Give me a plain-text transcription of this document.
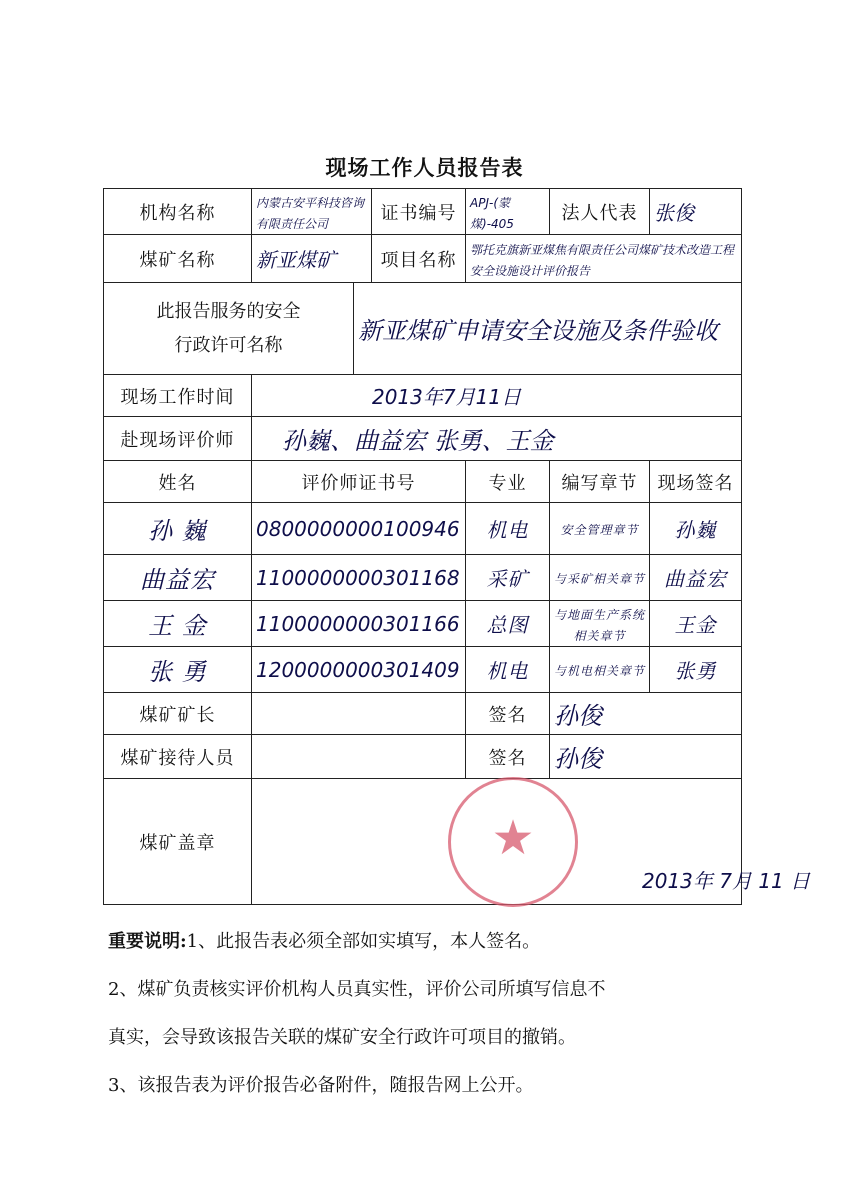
现场工作人员报告表
机构名称	内蒙古安平科技咨询有限责任公司		证书编号	APJ-(蒙煤)-405	法人代表	张俊
煤矿名称	新亚煤矿		项目名称	鄂托克旗新亚煤焦有限责任公司煤矿技术改造工程安全设施设计评价报告		

此报告服务的安全
行政许可名称		新亚煤矿申请安全设施及条件验收				
现场工作时间	2013年7月11日					
赴现场评价师	孙巍、曲益宏 张勇、王金					
姓名	评价师证书号			专业	编写章节	现场签名
孙 巍	0800000000100946			机电	安全管理章节	孙巍
曲益宏	1100000000301168			采矿	与采矿相关章节	曲益宏
王 金	1100000000301166			总图	与地面生产系统相关章节	王金
张 勇	1200000000301409			机电	与机电相关章节	张勇
煤矿矿长				签名	孙俊	
煤矿接待人员				签名	孙俊	
煤矿盖章	★
2013年 7月 11 日					

重要说明:1、此报告表必须全部如实填写，本人签名。

2、煤矿负责核实评价机构人员真实性，评价公司所填写信息不

真实，会导致该报告关联的煤矿安全行政许可项目的撤销。

3、该报告表为评价报告必备附件，随报告网上公开。
